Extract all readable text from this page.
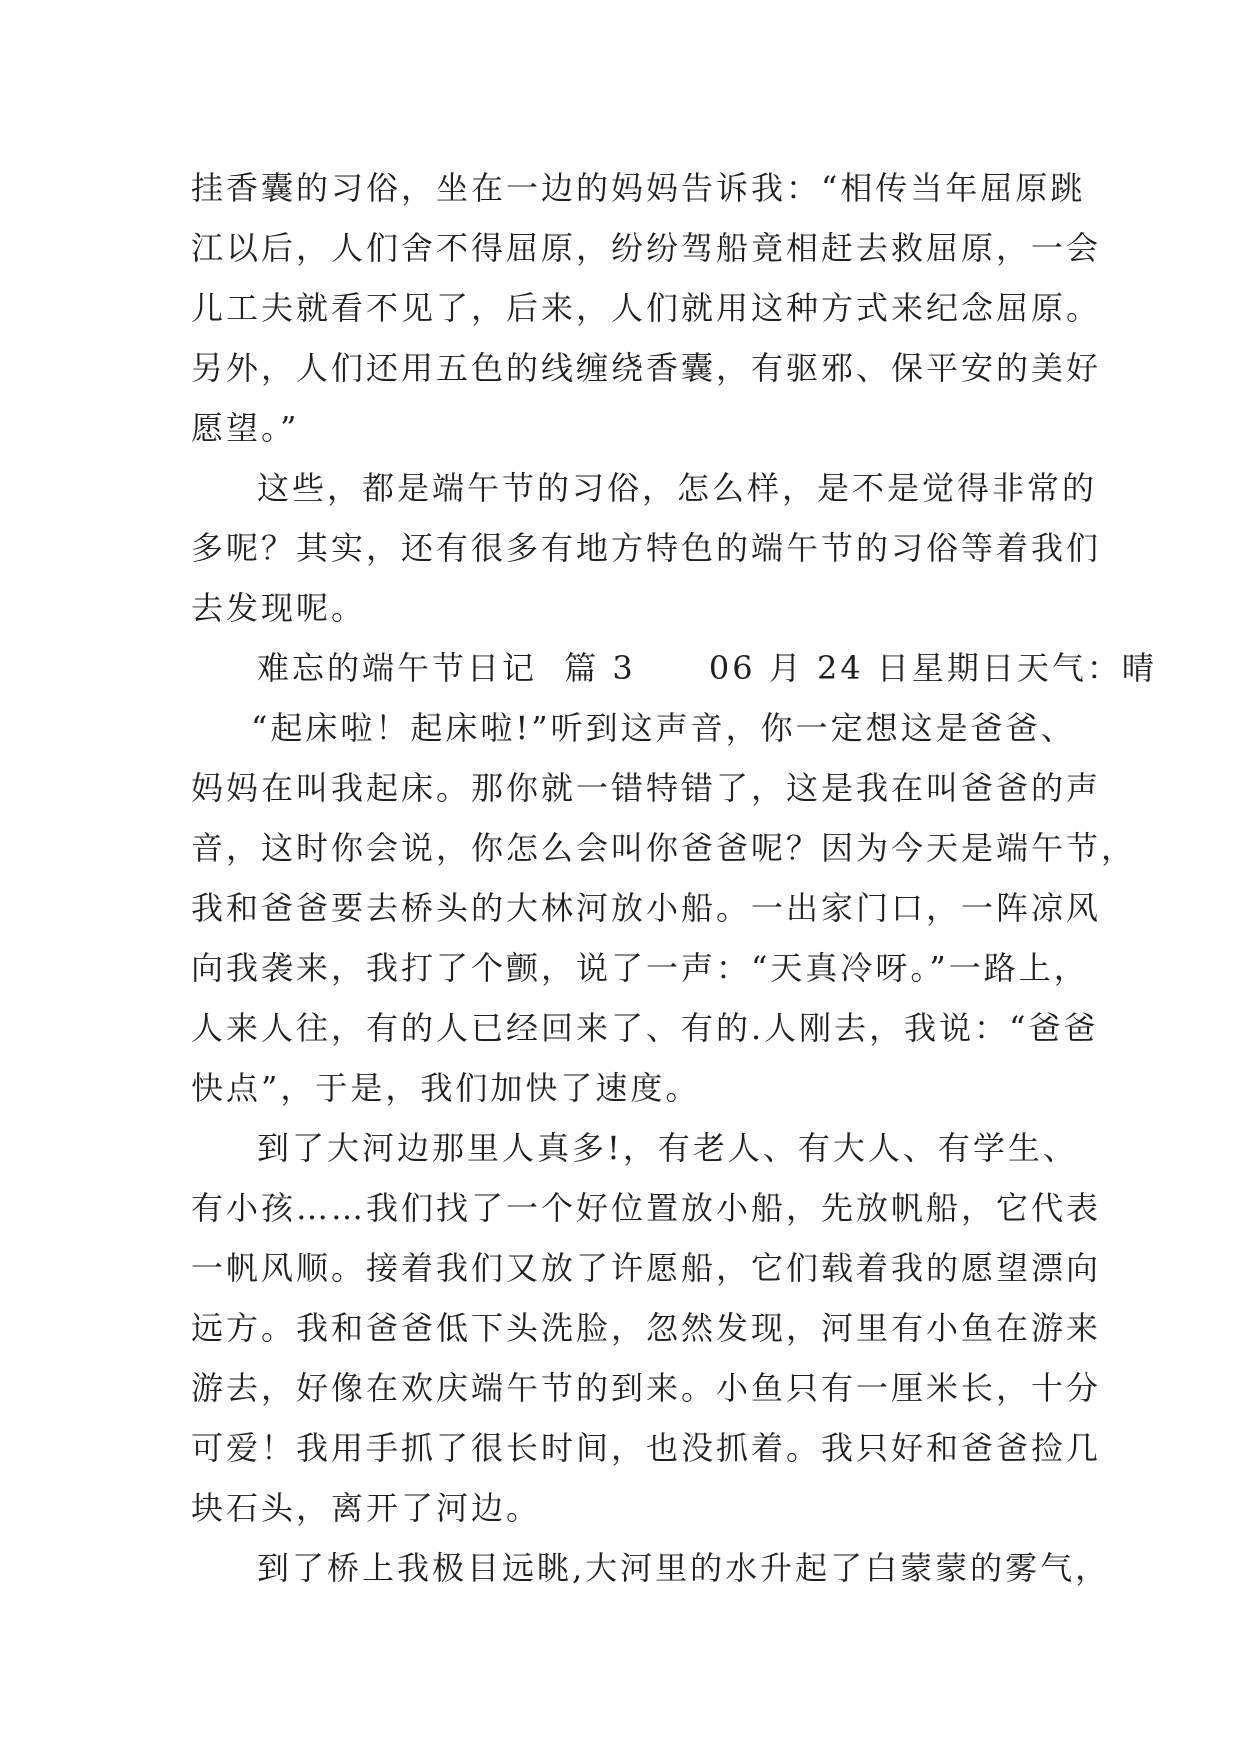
挂香囊的习俗，坐在一边的妈妈告诉我：“相传当年屈原跳

江以后，人们舍不得屈原，纷纷驾船竟相赶去救屈原，一会

儿工夫就看不见了，后来，人们就用这种方式来纪念屈原。

另外，人们还用五色的线缠绕香囊，有驱邪、保平安的美好

愿望。”

这些，都是端午节的习俗，怎么样，是不是觉得非常的

多呢？其实，还有很多有地方特色的端午节的习俗等着我们

去发现呢。

难忘的端午节日记 篇 3 06 月 24 日星期日天气：晴

“起床啦！起床啦!”听到这声音，你一定想这是爸爸、

妈妈在叫我起床。那你就一错特错了，这是我在叫爸爸的声

音，这时你会说，你怎么会叫你爸爸呢？因为今天是端午节，

我和爸爸要去桥头的大林河放小船。一出家门口，一阵凉风

向我袭来，我打了个颤，说了一声：“天真冷呀。”一路上，

人来人往，有的人已经回来了、有的.人刚去，我说：“爸爸

快点”，于是，我们加快了速度。

到了大河边那里人真多!，有老人、有大人、有学生、

有小孩……我们找了一个好位置放小船，先放帆船，它代表

一帆风顺。接着我们又放了许愿船，它们载着我的愿望漂向

远方。我和爸爸低下头洗脸，忽然发现，河里有小鱼在游来

游去，好像在欢庆端午节的到来。小鱼只有一厘米长，十分

可爱！我用手抓了很长时间，也没抓着。我只好和爸爸捡几

块石头，离开了河边。

到了桥上我极目远眺,大河里的水升起了白蒙蒙的雾气，
